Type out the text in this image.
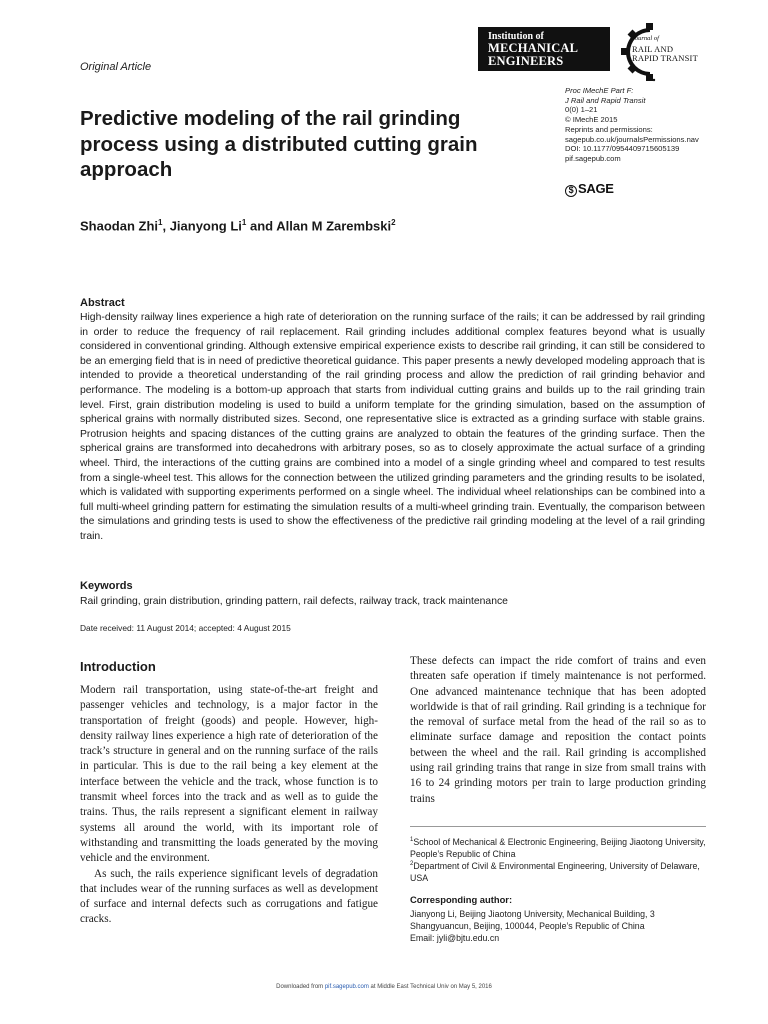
Original Article
Institution of
MECHANICAL
ENGINEERS
Journal of
RAIL AND
RAPID TRANSIT
Predictive modeling of the rail grinding process using a distributed cutting grain approach
Proc IMechE Part F:
J Rail and Rapid Transit
0(0) 1–21
© IMechE 2015
Reprints and permissions:
sagepub.co.uk/journalsPermissions.nav
DOI: 10.1177/0954409715605139
pif.sagepub.com
$ SAGE
Shaodan Zhi$^1$, Jianyong Li$^1$ and Allan M Zarembski$^2$
Abstract

High-density railway lines experience a high rate of deterioration on the running surface of the rails; it can be addressed by rail grinding in order to reduce the frequency of rail replacement. Rail grinding includes additional complex features beyond what is usually considered in conventional grinding. Although extensive empirical experience exists to describe rail grinding, it can still be considered to be an emerging field that is in need of predictive theoretical guidance. This paper presents a newly developed modeling approach that is intended to provide a theoretical understanding of the rail grinding process and allow the prediction of rail grinding behavior and performance. The modeling is a bottom-up approach that starts from individual cutting grains and builds up to the rail grinding train level. First, grain distribution modeling is used to build a uniform template for the grinding simulation, based on the assumption of spherical grains with normally distributed sizes. Second, one representative slice is extracted as a grinding surface with stable grains. Protrusion heights and spacing distances of the cutting grains are analyzed to obtain the features of the grinding surface. Then the spherical grains are transformed into decahedrons with arbitrary poses, so as to closely approximate the actual surface of a grinding wheel. Third, the interactions of the cutting grains are combined into a model of a single grinding wheel and compared to test results from a single-wheel test. This allows for the connection between the utilized grinding parameters and the grinding results to be isolated, which is validated with supporting experiments performed on a single wheel. The individual wheel relationships can be combined into a full multi-wheel grinding pattern for estimating the simulation results of a multi-wheel grinding train. Eventually, the comparison between the simulations and grinding tests is used to show the effectiveness of the predictive rail grinding modeling at the level of a rail grinding train.

Keywords

Rail grinding, grain distribution, grinding pattern, rail defects, railway track, track maintenance

Date received: 11 August 2014; accepted: 4 August 2015
Introduction

Modern rail transportation, using state-of-the-art freight and passenger vehicles and technology, is a major factor in the transportation of freight (goods) and people. However, high-density railway lines experience a high rate of deterioration of the track’s structure in general and on the running surface of the rails in particular. This is due to the rail being a key element at the interface between the vehicle and the track, whose function is to transmit wheel forces into the track and as well as to guide the trains. Thus, the rails represent a significant element in railway systems all around the world, with its important role of withstanding and transmitting the loads generated by the moving vehicle and the environment.

As such, the rails experience significant levels of degradation that includes wear of the running surfaces as well as development of surface and internal defects such as corrugations and fatigue cracks.

These defects can impact the ride comfort of trains and even threaten safe operation if timely maintenance is not performed. One advanced maintenance technique that has been adopted worldwide is that of rail grinding. Rail grinding is a technique for the removal of surface metal from the head of the rail so as to eliminate surface damage and reposition the contact points between the wheel and the rail. Rail grinding is accomplished using rail grinding trains that range in size from small trains with 16 to 24 grinding motors per train to large production grinding trains

$^1$School of Mechanical & Electronic Engineering, Beijing Jiaotong University, People’s Republic of China
$^2$Department of Civil & Environmental Engineering, University of Delaware, USA
Corresponding author:
Jianyong Li, Beijing Jiaotong University, Mechanical Building, 3
Shangyuancun, Beijing, 100044, People’s Republic of China
Email: jyli@bjtu.edu.cn
Downloaded from pif.sagepub.com at Middle East Technical Univ on May 5, 2016
